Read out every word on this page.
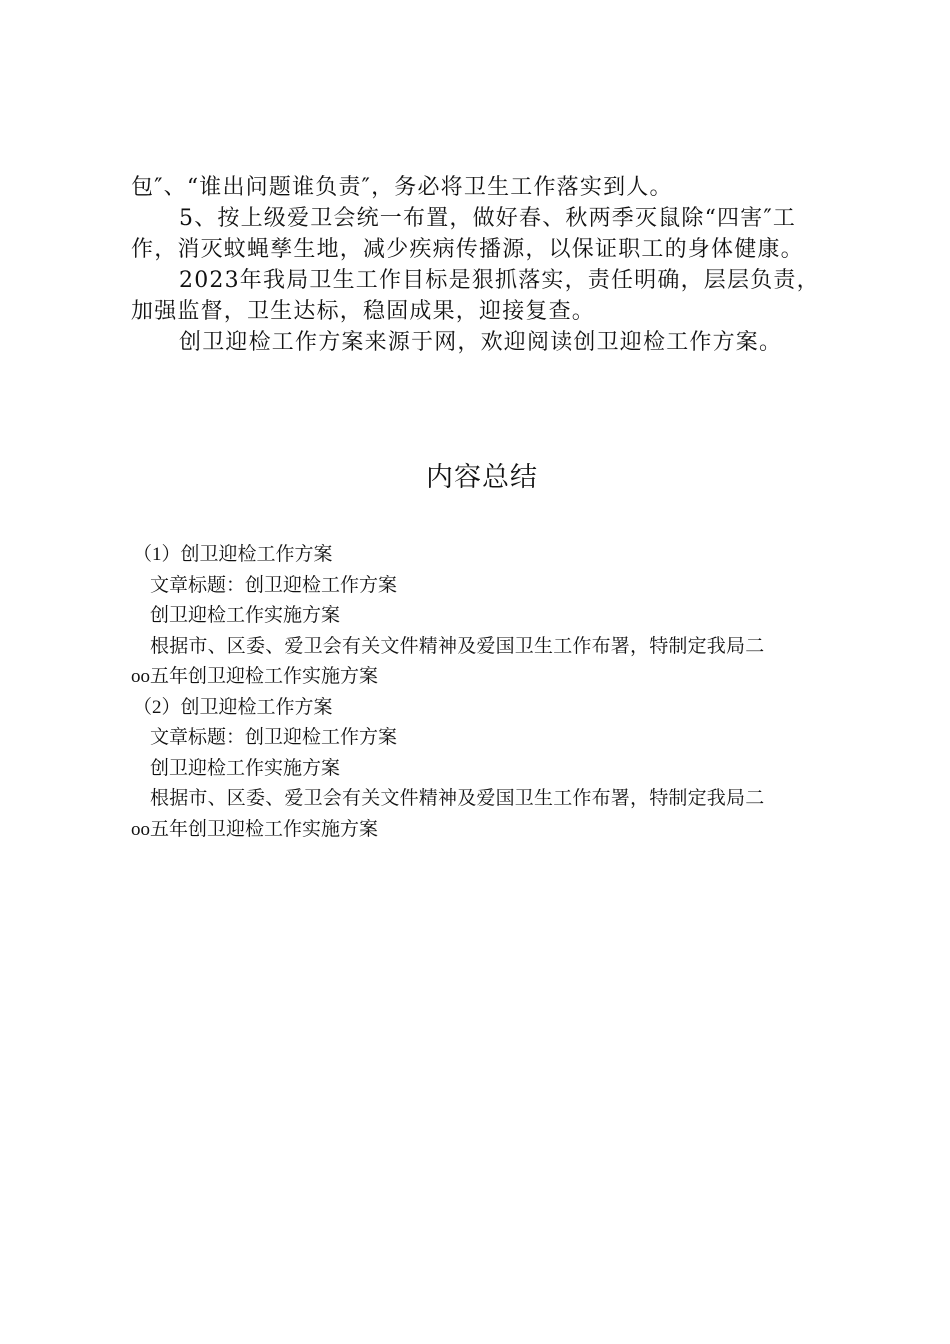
包″、“谁出问题谁负责″，务必将卫生工作落实到人。

5、按上级爱卫会统一布置，做好春、秋两季灭鼠除“四害″工作，消灭蚊蝇孳生地，减少疾病传播源，以保证职工的身体健康。

2023年我局卫生工作目标是狠抓落实，责任明确，层层负责，加强监督，卫生达标，稳固成果，迎接复查。

创卫迎检工作方案来源于网，欢迎阅读创卫迎检工作方案。

内容总结

（1）创卫迎检工作方案

文章标题：创卫迎检工作方案

创卫迎检工作实施方案

根据市、区委、爱卫会有关文件精神及爱国卫生工作布署，特制定我局二

oo五年创卫迎检工作实施方案

（2）创卫迎检工作方案

文章标题：创卫迎检工作方案

创卫迎检工作实施方案

根据市、区委、爱卫会有关文件精神及爱国卫生工作布署，特制定我局二

oo五年创卫迎检工作实施方案
